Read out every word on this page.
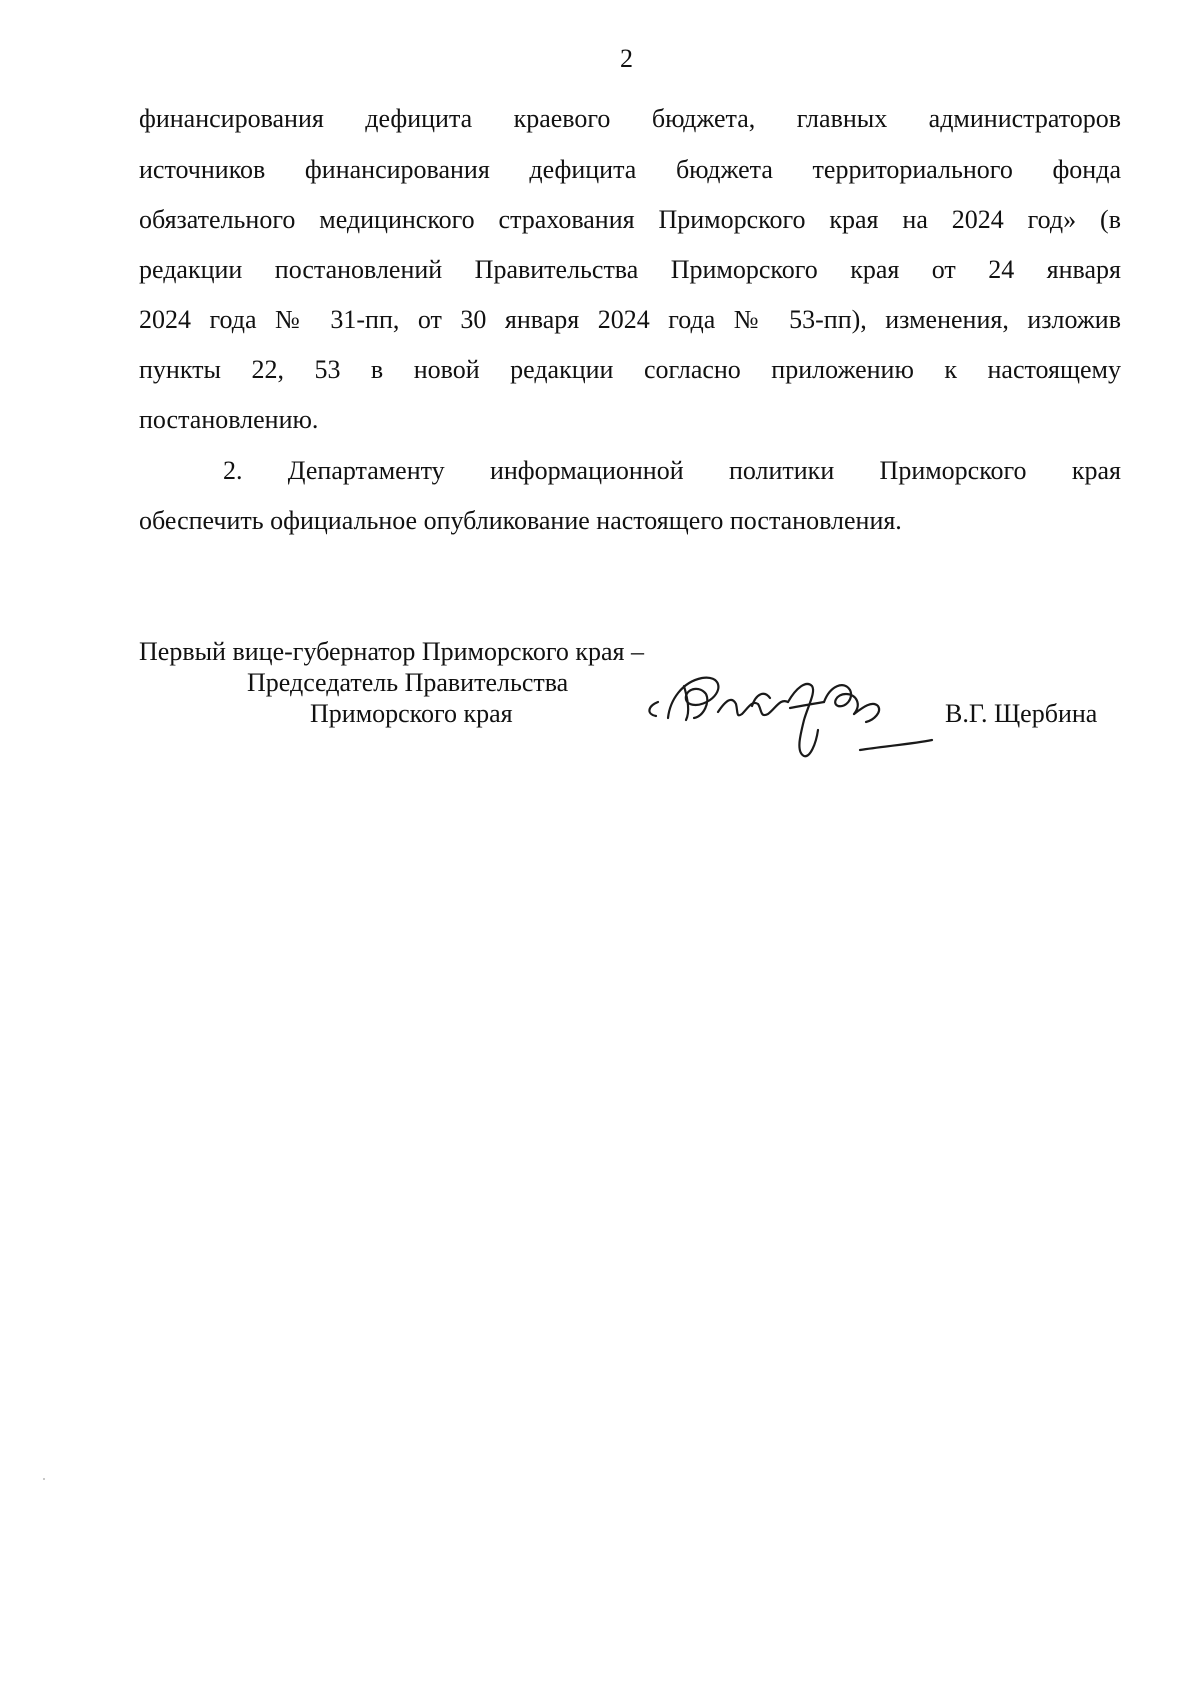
2
финансирования дефицита краевого бюджета, главных администраторов
источников финансирования дефицита бюджета территориального фонда
обязательного медицинского страхования Приморского края на 2024 год» (в
редакции постановлений Правительства Приморского края от 24 января
2024 года № 31-пп, от 30 января 2024 года № 53-пп), изменения, изложив
пункты 22, 53 в новой редакции согласно приложению к настоящему
постановлению.
2. Департаменту информационной политики Приморского края
обеспечить официальное опубликование настоящего постановления.
Первый вице-губернатор Приморского края –
Председатель Правительства
Приморского края	В.Г. Щербина
